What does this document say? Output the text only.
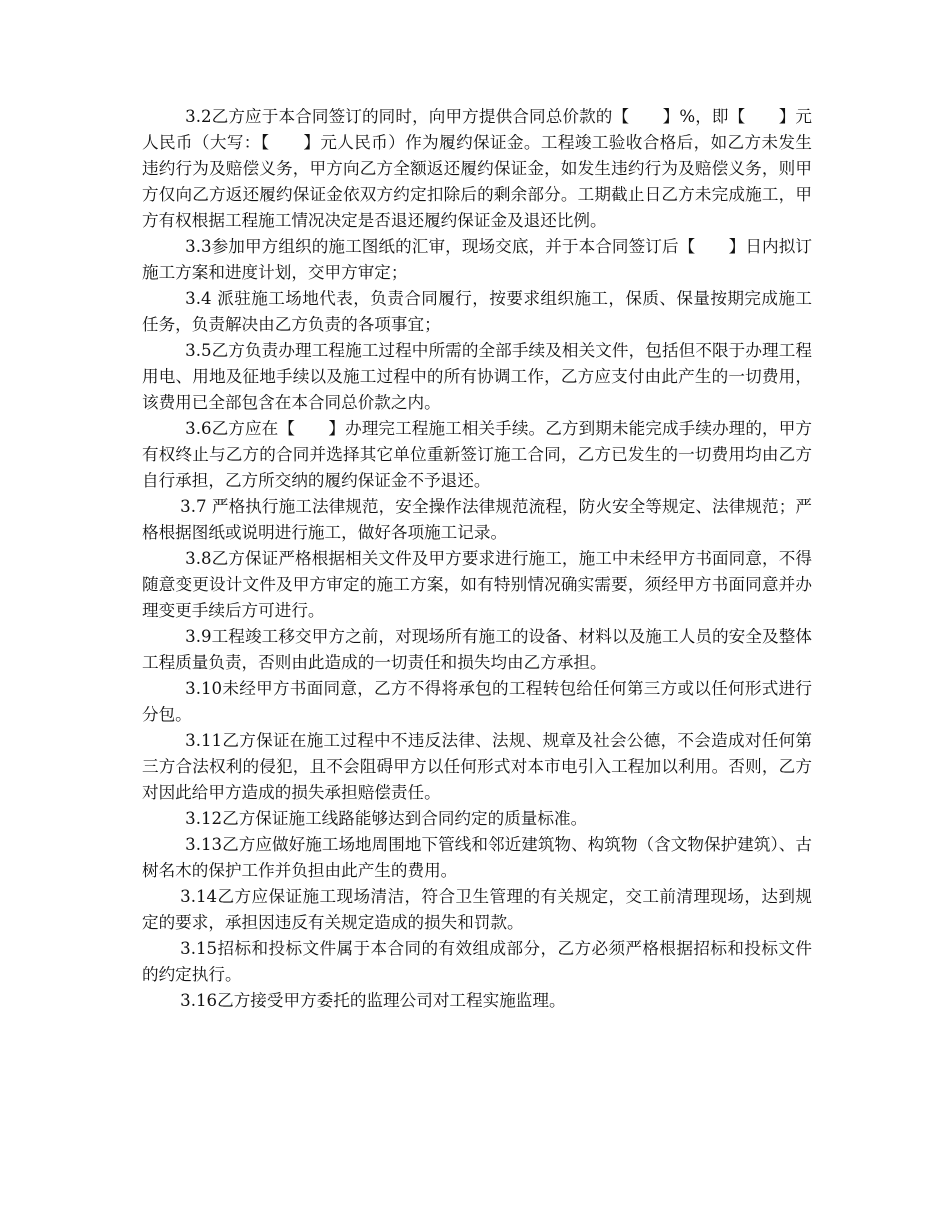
3.2乙方应于本合同签订的同时，向甲方提供合同总价款的【　　】%，即【　　】元人民币（大写：【　　】元人民币）作为履约保证金。工程竣工验收合格后，如乙方未发生违约行为及赔偿义务，甲方向乙方全额返还履约保证金，如发生违约行为及赔偿义务，则甲方仅向乙方返还履约保证金依双方约定扣除后的剩余部分。工期截止日乙方未完成施工，甲方有权根据工程施工情况决定是否退还履约保证金及退还比例。

3.3参加甲方组织的施工图纸的汇审，现场交底，并于本合同签订后【　　】日内拟订施工方案和进度计划，交甲方审定；

3.4 派驻施工场地代表，负责合同履行，按要求组织施工，保质、保量按期完成施工任务，负责解决由乙方负责的各项事宜；

3.5乙方负责办理工程施工过程中所需的全部手续及相关文件，包括但不限于办理工程用电、用地及征地手续以及施工过程中的所有协调工作，乙方应支付由此产生的一切费用，该费用已全部包含在本合同总价款之内。

3.6乙方应在【　　】办理完工程施工相关手续。乙方到期未能完成手续办理的，甲方有权终止与乙方的合同并选择其它单位重新签订施工合同，乙方已发生的一切费用均由乙方自行承担，乙方所交纳的履约保证金不予退还。

3.7 严格执行施工法律规范，安全操作法律规范流程，防火安全等规定、法律规范；严格根据图纸或说明进行施工，做好各项施工记录。

3.8乙方保证严格根据相关文件及甲方要求进行施工，施工中未经甲方书面同意，不得随意变更设计文件及甲方审定的施工方案，如有特别情况确实需要，须经甲方书面同意并办理变更手续后方可进行。

3.9工程竣工移交甲方之前，对现场所有施工的设备、材料以及施工人员的安全及整体工程质量负责，否则由此造成的一切责任和损失均由乙方承担。

3.10未经甲方书面同意，乙方不得将承包的工程转包给任何第三方或以任何形式进行分包。

3.11乙方保证在施工过程中不违反法律、法规、规章及社会公德，不会造成对任何第三方合法权利的侵犯，且不会阻碍甲方以任何形式对本市电引入工程加以利用。否则，乙方对因此给甲方造成的损失承担赔偿责任。

3.12乙方保证施工线路能够达到合同约定的质量标准。

3.13乙方应做好施工场地周围地下管线和邻近建筑物、构筑物（含文物保护建筑）、古树名木的保护工作并负担由此产生的费用。

3.14乙方应保证施工现场清洁，符合卫生管理的有关规定，交工前清理现场，达到规定的要求，承担因违反有关规定造成的损失和罚款。

3.15招标和投标文件属于本合同的有效组成部分，乙方必须严格根据招标和投标文件的约定执行。

3.16乙方接受甲方委托的监理公司对工程实施监理。
